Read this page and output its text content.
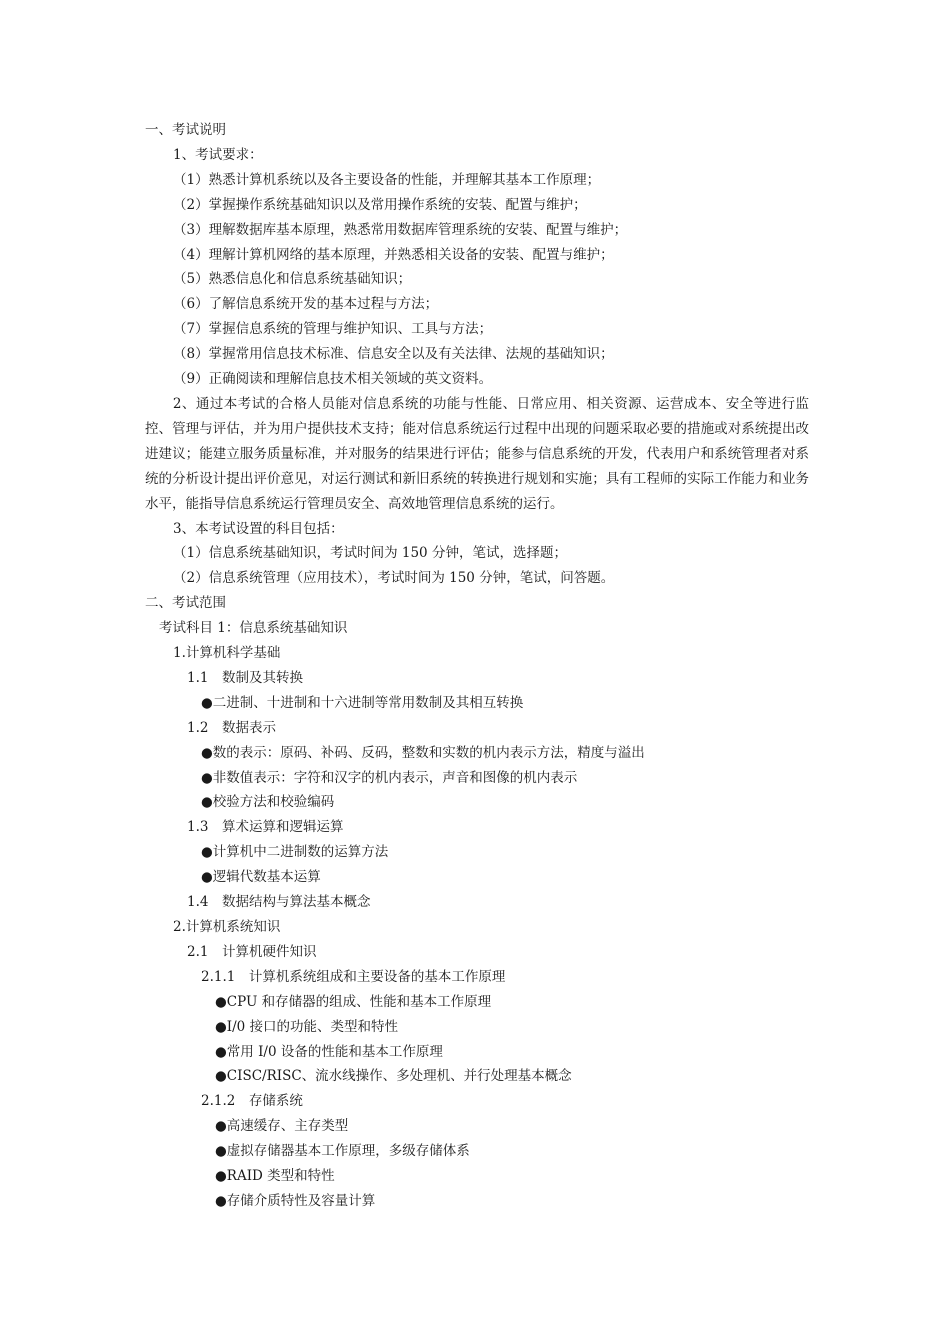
一、考试说明
1、考试要求：
（1）熟悉计算机系统以及各主要设备的性能，并理解其基本工作原理；
（2）掌握操作系统基础知识以及常用操作系统的安装、配置与维护；
（3）理解数据库基本原理，熟悉常用数据库管理系统的安装、配置与维护；
（4）理解计算机网络的基本原理，并熟悉相关设备的安装、配置与维护；
（5）熟悉信息化和信息系统基础知识；
（6）了解信息系统开发的基本过程与方法；
（7）掌握信息系统的管理与维护知识、工具与方法；
（8）掌握常用信息技术标准、信息安全以及有关法律、法规的基础知识；
（9）正确阅读和理解信息技术相关领域的英文资料。
　　2、通过本考试的合格人员能对信息系统的功能与性能、日常应用、相关资源、运营成本、安全等进行监控、管理与评估，并为用户提供技术支持；能对信息系统运行过程中出现的问题采取必要的措施或对系统提出改进建议；能建立服务质量标准，并对服务的结果进行评估；能参与信息系统的开发，代表用户和系统管理者对系统的分析设计提出评价意见，对运行测试和新旧系统的转换进行规划和实施；具有工程师的实际工作能力和业务水平，能指导信息系统运行管理员安全、高效地管理信息系统的运行。
3、本考试设置的科目包括：
（1）信息系统基础知识，考试时间为 150 分钟，笔试，选择题；
（2）信息系统管理（应用技术），考试时间为 150 分钟，笔试，问答题。
二、考试范围
考试科目 1：信息系统基础知识
1.计算机科学基础
1.1　数制及其转换
●二进制、十进制和十六进制等常用数制及其相互转换
1.2　数据表示
●数的表示：原码、补码、反码，整数和实数的机内表示方法，精度与溢出
●非数值表示：字符和汉字的机内表示，声音和图像的机内表示
●校验方法和校验编码
1.3　算术运算和逻辑运算
●计算机中二进制数的运算方法
●逻辑代数基本运算
1.4　数据结构与算法基本概念
2.计算机系统知识
2.1　计算机硬件知识
2.1.1　计算机系统组成和主要设备的基本工作原理
●CPU 和存储器的组成、性能和基本工作原理
●I/0 接口的功能、类型和特性
●常用 I/0 设备的性能和基本工作原理
●CISC/RISC、流水线操作、多处理机、并行处理基本概念
2.1.2　存储系统
●高速缓存、主存类型
●虚拟存储器基本工作原理，多级存储体系
●RAID 类型和特性
●存储介质特性及容量计算
